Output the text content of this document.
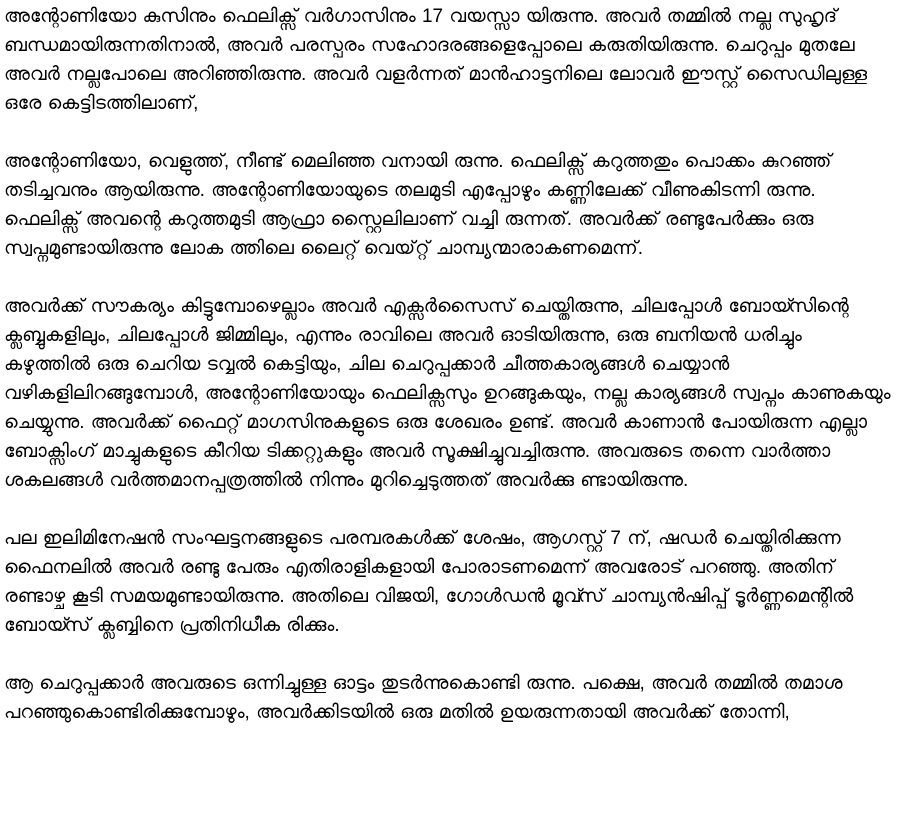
അന്റോണിയോ കുസിനും ഫെലിക്സ് വർഗാസിനും 17 വയസ്സാ യിരുന്നു. അവർ തമ്മിൽ നല്ല സുഹൃദ് ബന്ധമായിരുന്നതിനാൽ, അവർ പരസ്പരം സഹോദരങ്ങളെപ്പോലെ കരുതിയിരുന്നു. ചെറുപ്പം മുതലേ അവർ നല്ലപോലെ അറിഞ്ഞിരുന്നു. അവർ വളർന്നത് മാൻഹാട്ടനിലെ ലോവർ ഈസ്റ്റ് സൈഡിലുള്ള ഒരേ കെട്ടിടത്തിലാണ്,

അന്റോണിയോ, വെളുത്ത്, നീണ്ട് മെലിഞ്ഞ വനായി രുന്നു. ഫെലിക്സ് കറുത്തതും പൊക്കം കുറഞ്ഞ് തടിച്ചവനും ആയിരുന്നു. അന്റോണിയോയുടെ തലമുടി എപ്പോഴും കണ്ണിലേക്ക് വീണുകിടന്നി രുന്നു. ഫെലിക്സ് അവന്റെ കറുത്തമുടി ആഫ്രാ സ്റ്റൈലിലാണ് വച്ചി രുന്നത്. അവർക്ക് രണ്ടുപേർക്കും ഒരു സ്വപ്നമുണ്ടായിരുന്നു ലോക ത്തിലെ ലൈറ്റ് വെയ്റ്റ് ചാമ്പ്യന്മാരാകണമെന്ന്.

അവർക്ക് സൗകര്യം കിട്ടുമ്പോഴെല്ലാം അവർ എക്സർസൈസ് ചെയ്തിരുന്നു, ചിലപ്പോൾ ബോയ്സിന്റെ ക്ലബ്ബുകളിലും, ചിലപ്പോൾ ജിമ്മിലും, എന്നും രാവിലെ അവർ ഓടിയിരുന്നു, ഒരു ബനിയൻ ധരിച്ചും കഴുത്തിൽ ഒരു ചെറിയ ടവ്വൽ കെട്ടിയും, ചില ചെറുപ്പക്കാർ ചീത്തകാര്യങ്ങൾ ചെയ്യാൻ വഴികളിലിറങ്ങുമ്പോൾ, അന്റോണിയോയും ഫെലിക്സസും ഉറങ്ങുകയും, നല്ല കാര്യങ്ങൾ സ്വപ്നം കാണുകയും ചെയ്യുന്നു. അവർക്ക് ഫൈറ്റ് മാഗസിനുകളുടെ ഒരു ശേഖരം ഉണ്ട്. അവർ കാണാൻ പോയിരുന്ന എല്ലാ ബോക്സിംഗ് മാച്ചുകളുടെ കീറിയ ടിക്കറ്റുകളും അവർ സൂക്ഷിച്ചുവച്ചിരുന്നു. അവരുടെ തന്നെ വാർത്താ ശകലങ്ങൾ വർത്തമാനപ്പത്രത്തിൽ നിന്നും മുറിച്ചെടുത്തത് അവർക്കു ണ്ടായിരുന്നു.

പല ഇലിമിനേഷൻ സംഘട്ടനങ്ങളുടെ പരമ്പരകൾക്ക് ശേഷം, ആഗസ്റ്റ് 7 ന്, ഷഡർ ചെയ്തിരിക്കുന്ന ഫൈനലിൽ അവർ രണ്ടു പേരും എതിരാളികളായി പോരാടണമെന്ന് അവരോട് പറഞ്ഞു. അതിന് രണ്ടാഴ്ച കൂടി സമയമുണ്ടായിരുന്നു. അതിലെ വിജയി, ഗോൾഡൻ മൂവ്സ് ചാമ്പ്യൻഷിപ്പ് ടൂർണ്ണമെന്റിൽ ബോയ്സ് ക്ലബ്ബിനെ പ്രതിനിധീക രിക്കും.

ആ ചെറുപ്പക്കാർ അവരുടെ ഒന്നിച്ചുള്ള ഓട്ടം തുടർന്നുകൊണ്ടി രുന്നു. പക്ഷെ, അവർ തമ്മിൽ തമാശ പറഞ്ഞുകൊണ്ടിരിക്കുമ്പോഴും, അവർക്കിടയിൽ ഒരു മതിൽ ഉയരുന്നതായി അവർക്ക് തോന്നി,
